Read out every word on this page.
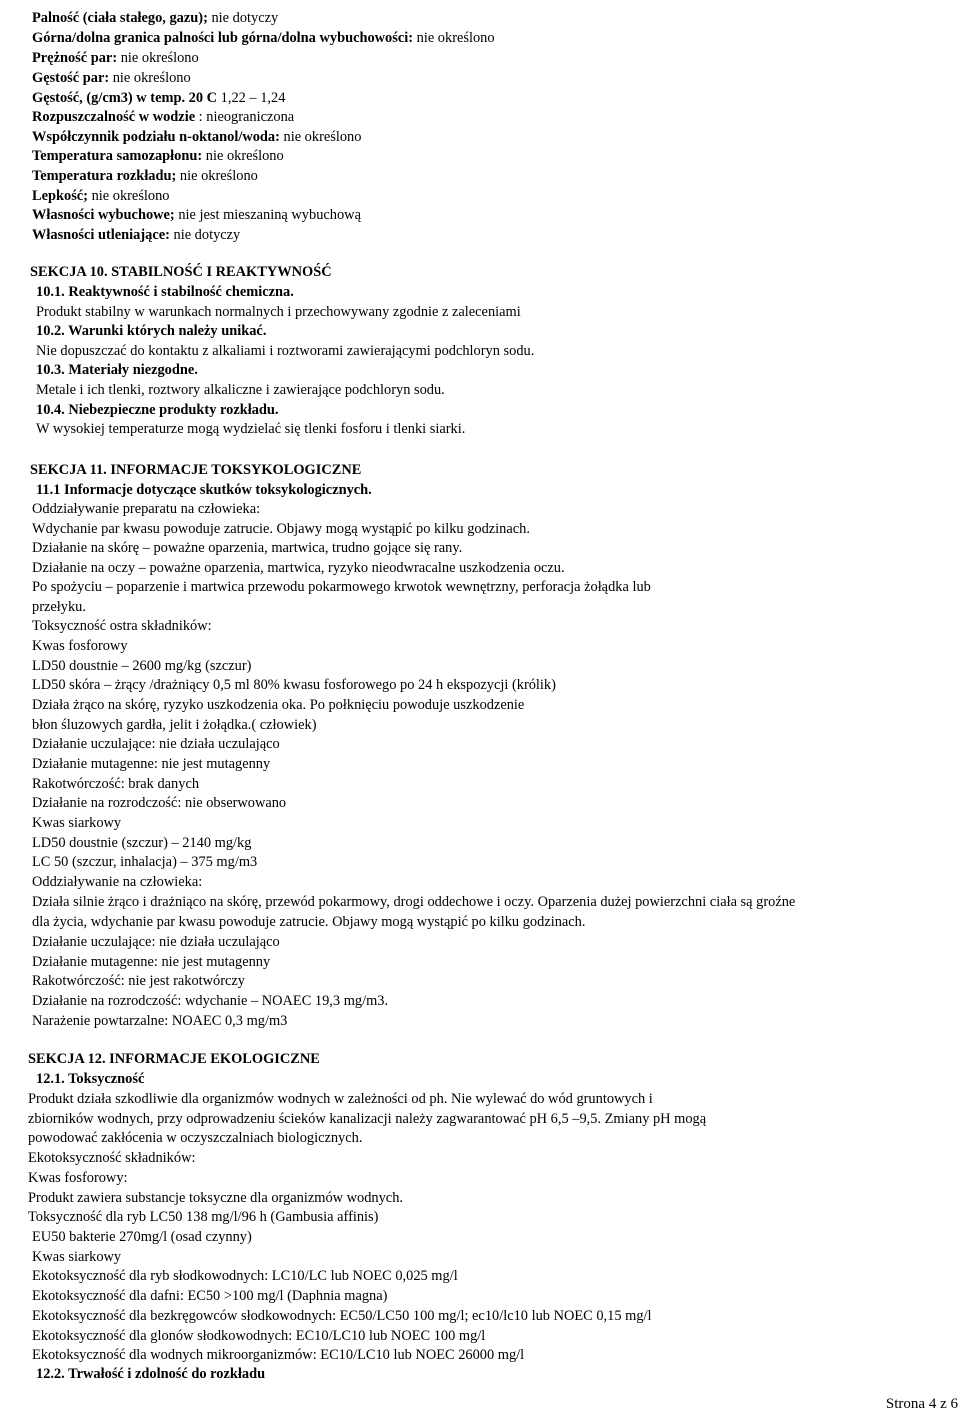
Palność (ciała stałego, gazu); nie dotyczy
Górna/dolna granica palności lub górna/dolna wybuchowości: nie określono
Prężność par: nie określono
Gęstość par: nie określono
Gęstość, (g/cm3) w temp. 20 C 1,22 – 1,24
Rozpuszczalność w wodzie : nieograniczona
Współczynnik podziału n-oktanol/woda: nie określono
Temperatura samozapłonu: nie określono
Temperatura rozkładu; nie określono
Lepkość; nie określono
Własności wybuchowe; nie jest mieszaniną wybuchową
Własności utleniające: nie dotyczy
SEKCJA 10. STABILNOŚĆ I REAKTYWNOŚĆ
10.1. Reaktywność i stabilność chemiczna.
Produkt stabilny w warunkach normalnych i przechowywany zgodnie z zaleceniami
10.2. Warunki których należy unikać.
Nie dopuszczać do kontaktu z alkaliami i roztworami zawierającymi podchloryn sodu.
10.3. Materiały niezgodne.
Metale i ich tlenki, roztwory alkaliczne i zawierające podchloryn sodu.
10.4. Niebezpieczne produkty rozkładu.
W wysokiej temperaturze mogą wydzielać się tlenki fosforu i tlenki siarki.
SEKCJA 11. INFORMACJE TOKSYKOLOGICZNE
11.1 Informacje dotyczące skutków toksykologicznych.
Oddziaływanie preparatu na człowieka:
Wdychanie par kwasu powoduje zatrucie. Objawy mogą wystąpić po kilku godzinach.
Działanie na skórę – poważne oparzenia, martwica, trudno gojące się rany.
Działanie na oczy – poważne oparzenia, martwica, ryzyko nieodwracalne uszkodzenia oczu.
Po spożyciu – poparzenie i martwica przewodu pokarmowego krwotok wewnętrzny, perforacja żołądka lub
przełyku.
Toksyczność ostra składników:
Kwas fosforowy
LD50 doustnie – 2600 mg/kg (szczur)
LD50 skóra – żrący /drażniący 0,5 ml 80% kwasu fosforowego po 24 h ekspozycji (królik)
Działa żrąco na skórę, ryzyko uszkodzenia oka. Po połknięciu powoduje uszkodzenie
błon śluzowych gardła, jelit i żołądka.( człowiek)
Działanie uczulające: nie działa uczulająco
Działanie mutagenne: nie jest mutagenny
Rakotwórczość: brak danych
Działanie na rozrodczość: nie obserwowano
Kwas siarkowy
LD50 doustnie (szczur) – 2140 mg/kg
LC 50 (szczur, inhalacja) – 375 mg/m3
Oddziaływanie na człowieka:
Działa silnie żrąco i drażniąco na skórę, przewód pokarmowy, drogi oddechowe i oczy. Oparzenia dużej powierzchni ciała są groźne
dla życia, wdychanie par kwasu powoduje zatrucie. Objawy mogą wystąpić po kilku godzinach.
Działanie uczulające: nie działa uczulająco
Działanie mutagenne: nie jest mutagenny
Rakotwórczość: nie jest rakotwórczy
Działanie na rozrodczość: wdychanie – NOAEC 19,3 mg/m3.
Narażenie powtarzalne: NOAEC 0,3 mg/m3
SEKCJA 12. INFORMACJE EKOLOGICZNE
12.1. Toksyczność
Produkt działa szkodliwie dla organizmów wodnych w zależności od ph. Nie wylewać do wód gruntowych i
zbiorników wodnych, przy odprowadzeniu ścieków kanalizacji należy zagwarantować pH 6,5 –9,5. Zmiany pH mogą
powodować zakłócenia w oczyszczalniach biologicznych.
Ekotoksyczność składników:
Kwas fosforowy:
Produkt zawiera substancje toksyczne dla organizmów wodnych.
Toksyczność dla ryb LC50 138 mg/l/96 h (Gambusia affinis)
EU50 bakterie 270mg/l (osad czynny)
Kwas siarkowy
Ekotoksyczność dla ryb słodkowodnych: LC10/LC lub NOEC 0,025 mg/l
Ekotoksyczność dla dafni: EC50 >100 mg/l (Daphnia magna)
Ekotoksyczność dla bezkręgowców słodkowodnych: EC50/LC50 100 mg/l; ec10/lc10 lub NOEC 0,15 mg/l
Ekotoksyczność dla glonów słodkowodnych: EC10/LC10 lub NOEC 100 mg/l
Ekotoksyczność dla wodnych mikroorganizmów: EC10/LC10 lub NOEC 26000 mg/l
12.2. Trwałość i zdolność do rozkładu
Strona 4 z 6
